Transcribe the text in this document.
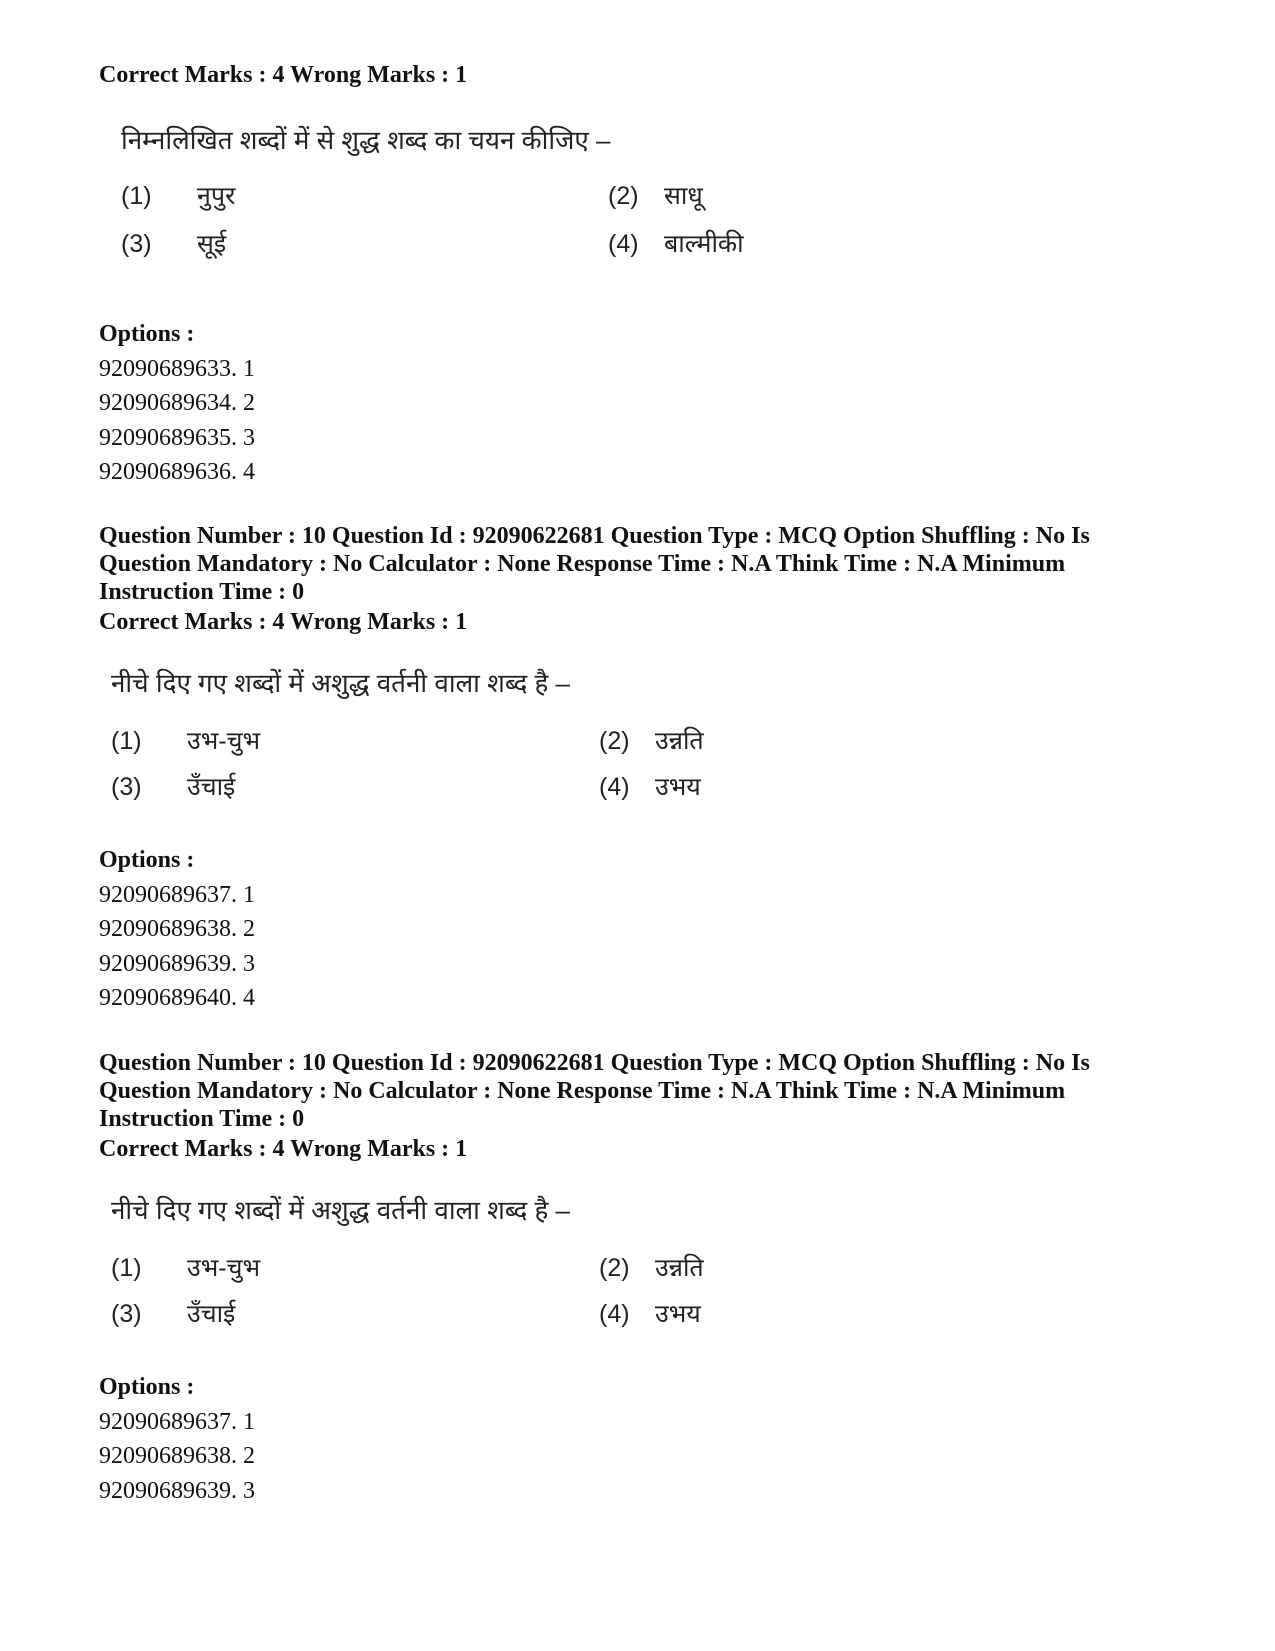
Correct Marks : 4 Wrong Marks : 1
निम्नलिखित शब्दों में से शुद्ध शब्द का चयन कीजिए –
(1) नुपुर	(2) साधू
(3) सूई	(4) बाल्मीकी
Options :
92090689633. 1
92090689634. 2
92090689635. 3
92090689636. 4
Question Number : 10 Question Id : 92090622681 Question Type : MCQ Option Shuffling : No Is
Question Mandatory : No Calculator : None Response Time : N.A Think Time : N.A Minimum
Instruction Time : 0
Correct Marks : 4 Wrong Marks : 1
नीचे दिए गए शब्दों में अशुद्ध वर्तनी वाला शब्द है –
(1) उभ-चुभ	(2) उन्नति
(3) उँचाई	(4) उभय
Options :
92090689637. 1
92090689638. 2
92090689639. 3
92090689640. 4
Question Number : 10 Question Id : 92090622681 Question Type : MCQ Option Shuffling : No Is
Question Mandatory : No Calculator : None Response Time : N.A Think Time : N.A Minimum
Instruction Time : 0
Correct Marks : 4 Wrong Marks : 1
नीचे दिए गए शब्दों में अशुद्ध वर्तनी वाला शब्द है –
(1) उभ-चुभ	(2) उन्नति
(3) उँचाई	(4) उभय
Options :
92090689637. 1
92090689638. 2
92090689639. 3
